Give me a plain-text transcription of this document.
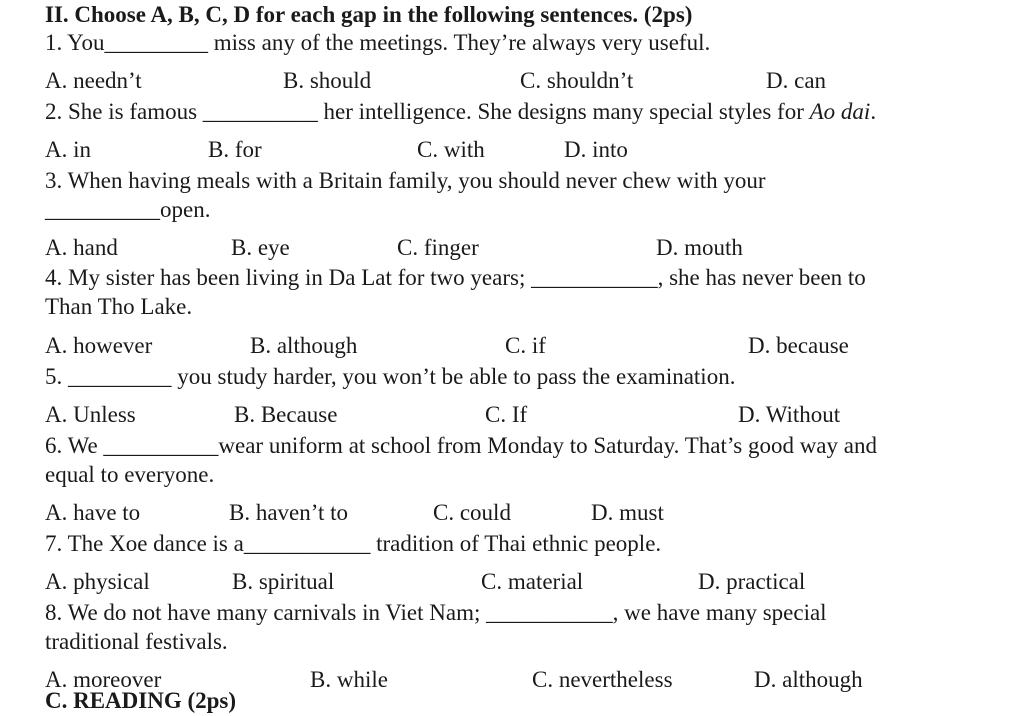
II. Choose A, B, C, D for each gap in the following sentences. (2ps)
1. You_________ miss any of the meetings. They’re always very useful.
A. needn’t	B. should	C. shouldn’t	D. can
2. She is famous __________ her intelligence. She designs many special styles for Ao dai.
A. in	B. for	C. with	D. into
3. When having meals with a Britain family, you should never chew with your
__________open.
A. hand	B. eye	C. finger	D. mouth
4. My sister has been living in Da Lat for two years; ___________, she has never been to
Than Tho Lake.
A. however	B. although	C. if	D. because
5. _________ you study harder, you won’t be able to pass the examination.
A. Unless	B. Because	C. If	D. Without
6. We __________wear uniform at school from Monday to Saturday. That’s good way and
equal to everyone.
A. have to	B. haven’t to	C. could	D. must
7. The Xoe dance is a___________ tradition of Thai ethnic people.
A. physical	B. spiritual	C. material	D. practical
8. We do not have many carnivals in Viet Nam; ___________, we have many special
traditional festivals.
A. moreover	B. while	C. nevertheless	D. although
C. READING (2ps)
